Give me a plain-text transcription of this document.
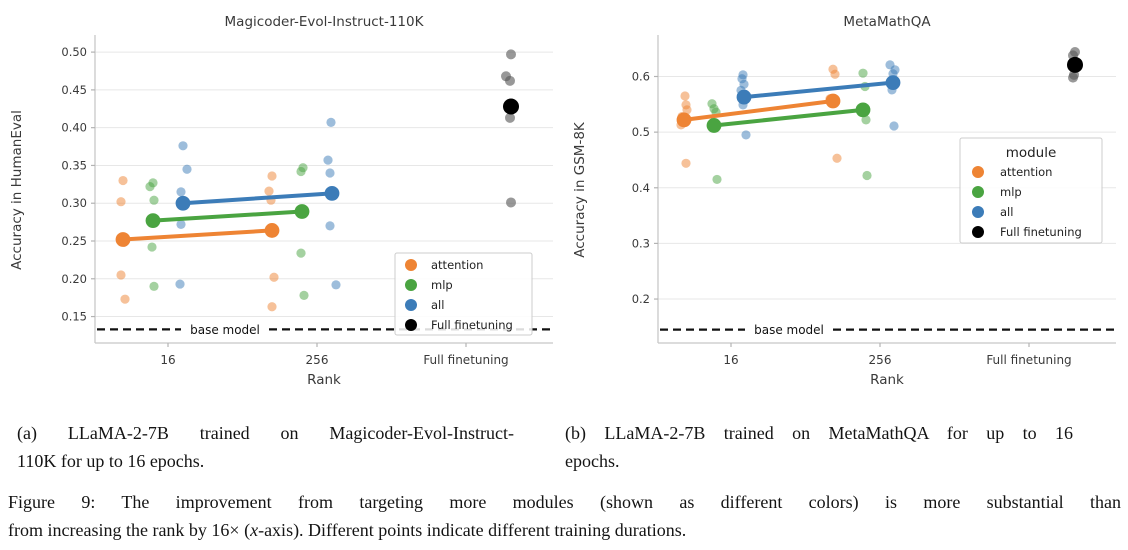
base model
0.15
0.20
0.25
0.30
0.35
0.40
0.45
0.50
16	256	Full finetuning
Rank
Magicoder-Evol-Instruct-110K
Accuracy in HumanEval	attention
mlp
all
Full finetuning	base model
0.2
0.3
0.4
0.5
0.6
16	256	Full finetuning
Rank
MetaMathQA
Accuracy in GSM-8K	module
attention
mlp
all
Full finetuning
(a) LLaMA-2-7B trained on Magicoder-Evol-Instruct-
110K for up to 16 epochs.
(b) LLaMA-2-7B trained on MetaMathQA for up to 16
epochs.
Figure 9: The improvement from targeting more modules (shown as different colors) is more substantial than
from increasing the rank by 16× (x-axis). Different points indicate different training durations.
